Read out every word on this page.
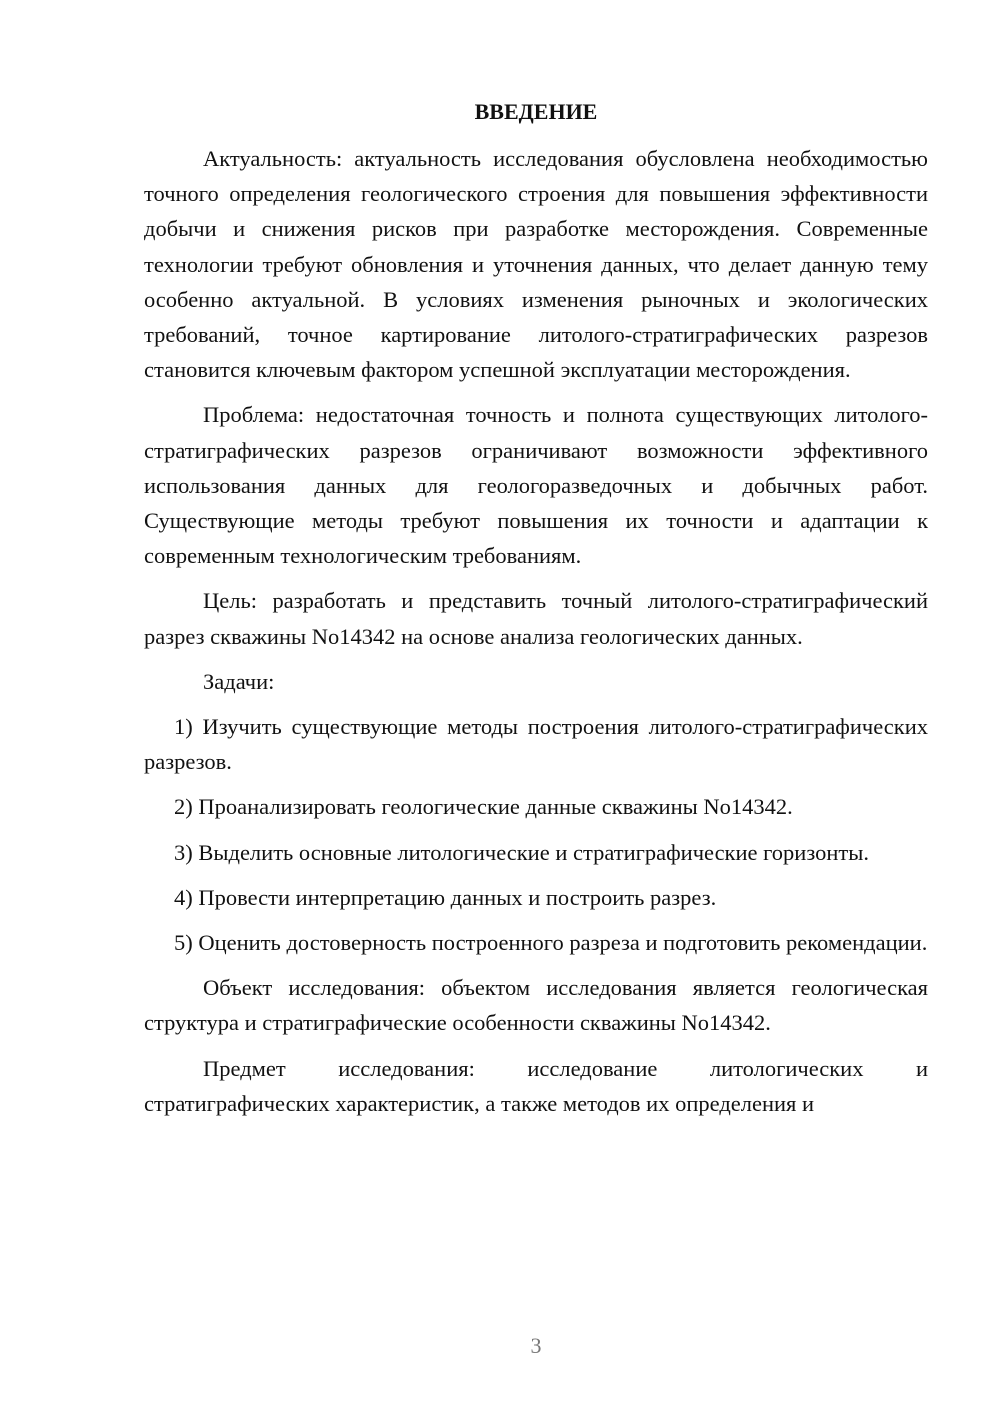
ВВЕДЕНИЕ

Актуальность: актуальность исследования обусловлена необходимостью точного определения геологического строения для повышения эффективности добычи и снижения рисков при разработке месторождения. Современные технологии требуют обновления и уточнения данных, что делает данную тему особенно актуальной. В условиях изменения рыночных и экологических требований, точное картирование литолого-стратиграфических разрезов становится ключевым фактором успешной эксплуатации месторождения.

Проблема: недостаточная точность и полнота существующих литолого-стратиграфических разрезов ограничивают возможности эффективного использования данных для геологоразведочных и добычных работ. Существующие методы требуют повышения их точности и адаптации к современным технологическим требованиям.

Цель: разработать и представить точный литолого-стратиграфический разрез скважины No14342 на основе анализа геологических данных.

Задачи:

1) Изучить существующие методы построения литолого-стратиграфических разрезов.

2) Проанализировать геологические данные скважины No14342.

3) Выделить основные литологические и стратиграфические горизонты.

4) Провести интерпретацию данных и построить разрез.

5) Оценить достоверность построенного разреза и подготовить рекомендации.

Объект исследования: объектом исследования является геологическая структура и стратиграфические особенности скважины No14342.

Предмет исследования: исследование литологических и стратиграфических характеристик, а также методов их определения и

3
